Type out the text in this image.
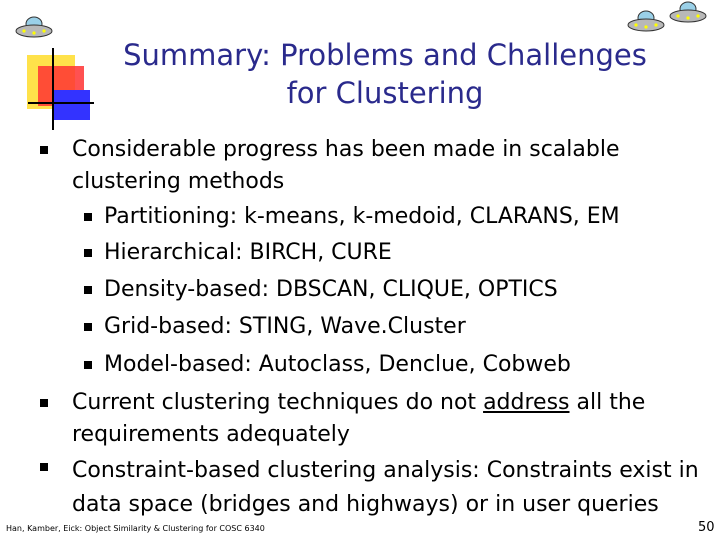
Summary: Problems and Challenges
for Clustering
Considerable progress has been made in scalable
clustering methods
Partitioning: k-means, k-medoid, CLARANS, EM
Hierarchical: BIRCH, CURE
Density-based: DBSCAN, CLIQUE, OPTICS
Grid-based: STING, Wave.Cluster
Model-based: Autoclass, Denclue, Cobweb
Current clustering techniques do not address all the
requirements adequately
Constraint-based clustering analysis: Constraints exist in
data space (bridges and highways) or in user queries
Han, Kamber, Eick: Object Similarity & Clustering for COSC 6340	50
